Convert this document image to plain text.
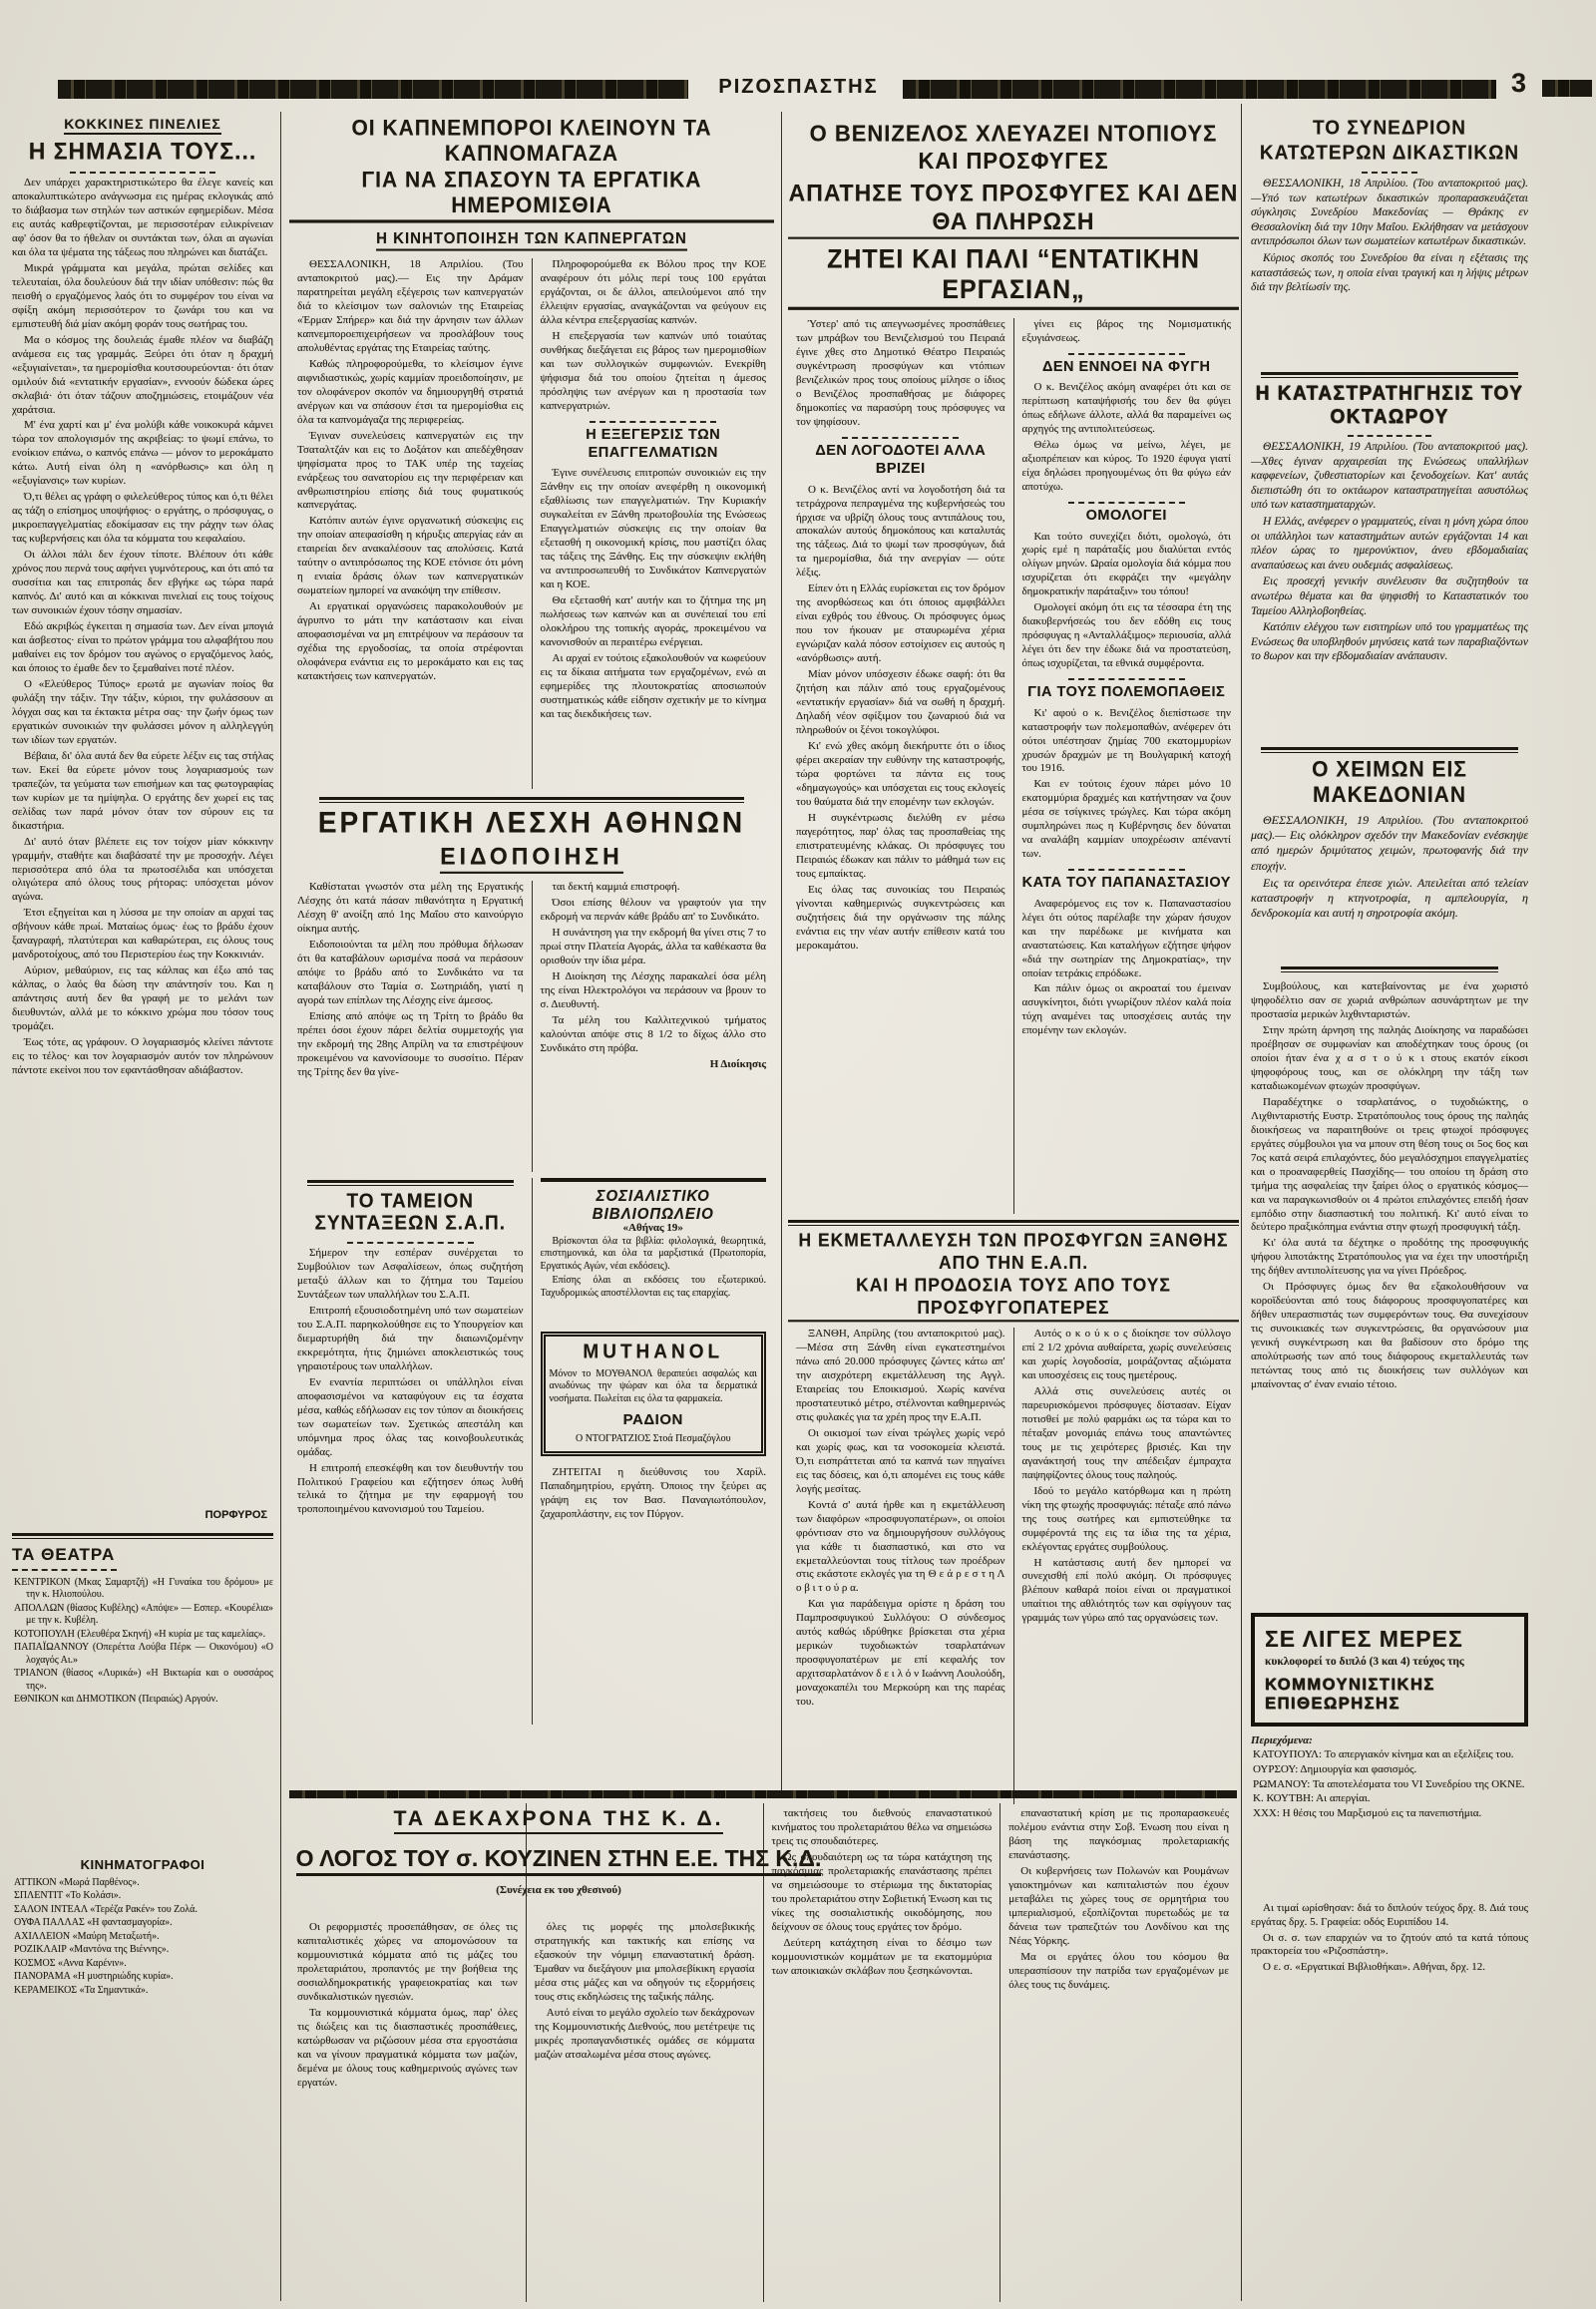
ΡΙΖΟΣΠΑΣΤΗΣ	3
ΚΟΚΚΙΝΕΣ ΠΙΝΕΛΙΕΣ
Η ΣΗΜΑΣΙΑ ΤΟΥΣ...

Δεν υπάρχει χαρακτηριστικώτερο θα έλεγε κανείς και αποκαλυπτικώτερο ανάγνωσμα εις ημέρας εκλογικάς από το διάβασμα των στηλών των αστικών εφημερίδων. Μέσα εις αυτάς καθρεφτίζονται, με περισσοτέραν ειλικρίνειαν αφ' όσον θα το ήθελαν οι συντάκται των, όλαι αι αγωνίαι και όλα τα ψέματα της τάξεως που πληρώνει και διατάζει.

Μικρά γράμματα και μεγάλα, πρώται σελίδες και τελευταίαι, όλα δουλεύουν διά την ιδίαν υπόθεσιν: πώς θα πεισθή ο εργαζόμενος λαός ότι το συμφέρον του είναι να σφίξη ακόμη περισσότερον το ζωνάρι του και να εμπιστευθή διά μίαν ακόμη φοράν τους σωτήρας του.

Μα ο κόσμος της δουλειάς έμαθε πλέον να διαβάζη ανάμεσα εις τας γραμμάς. Ξεύρει ότι όταν η δραχμή «εξυγιαίνεται», τα ημερομίσθια κουτσουρεύονται· ότι όταν ομιλούν διά «εντατικήν εργασίαν», εννοούν δώδεκα ώρες σκλαβιά· ότι όταν τάζουν αποζημιώσεις, ετοιμάζουν νέα χαράτσια.

Μ' ένα χαρτί και μ' ένα μολύβι κάθε νοικοκυρά κάμνει τώρα τον απολογισμόν της ακριβείας: το ψωμί επάνω, το ενοίκιον επάνω, ο καπνός επάνω — μόνον το μεροκάματο κάτω. Αυτή είναι όλη η «ανόρθωσις» και όλη η «εξυγίανσις» των κυρίων.

Ό,τι θέλει ας γράφη ο φιλελεύθερος τύπος και ό,τι θέλει ας τάζη ο επίσημος υποψήφιος· ο εργάτης, ο πρόσφυγας, ο μικροεπαγγελματίας εδοκίμασαν εις την ράχην των όλας τας κυβερνήσεις και όλα τα κόμματα του κεφαλαίου.

Οι άλλοι πάλι δεν έχουν τίποτε. Βλέπουν ότι κάθε χρόνος που περνά τους αφήνει γυμνότερους, και ότι από τα συσσίτια και τας επιτροπάς δεν εβγήκε ως τώρα παρά καπνός. Δι' αυτό και αι κόκκιναι πινελιαί εις τους τοίχους των συνοικιών έχουν τόσην σημασίαν.

Εδώ ακριβώς έγκειται η σημασία των. Δεν είναι μπογιά και άσβεστος· είναι το πρώτον γράμμα του αλφαβήτου που μαθαίνει εις τον δρόμον του αγώνος ο εργαζόμενος λαός, και όποιος το έμαθε δεν το ξεμαθαίνει ποτέ πλέον.

Ο «Ελεύθερος Τύπος» ερωτά με αγωνίαν ποίος θα φυλάξη την τάξιν. Την τάξιν, κύριοι, την φυλάσσουν αι λόγχαι σας και τα έκτακτα μέτρα σας· την ζωήν όμως των εργατικών συνοικιών την φυλάσσει μόνον η αλληλεγγύη των ιδίων των εργατών.

Βέβαια, δι' όλα αυτά δεν θα εύρετε λέξιν εις τας στήλας των. Εκεί θα εύρετε μόνον τους λογαριασμούς των τραπεζών, τα γεύματα των επισήμων και τας φωτογραφίας των κυρίων με τα ημίψηλα. Ο εργάτης δεν χωρεί εις τας σελίδας των παρά μόνον όταν τον σύρουν εις τα δικαστήρια.

Δι' αυτό όταν βλέπετε εις τον τοίχον μίαν κόκκινην γραμμήν, σταθήτε και διαβάσατέ την με προσοχήν. Λέγει περισσότερα από όλα τα πρωτοσέλιδα και υπόσχεται ολιγώτερα από όλους τους ρήτορας: υπόσχεται μόνον αγώνα.

Έτσι εξηγείται και η λύσσα με την οποίαν αι αρχαί τας σβήνουν κάθε πρωί. Ματαίως όμως· έως το βράδυ έχουν ξαναγραφή, πλατύτεραι και καθαρώτεραι, εις όλους τους μανδροτοίχους, από του Περιστερίου έως την Κοκκινιάν.

Αύριον, μεθαύριον, εις τας κάλπας και έξω από τας κάλπας, ο λαός θα δώση την απάντησίν του. Και η απάντησις αυτή δεν θα γραφή με το μελάνι των διευθυντών, αλλά με το κόκκινο χρώμα που τόσον τους τρομάζει.

Έως τότε, ας γράφουν. Ο λογαριασμός κλείνει πάντοτε εις το τέλος· και τον λογαριασμόν αυτόν τον πληρώνουν πάντοτε εκείνοι που τον εφαντάσθησαν αδιάβαστον.

ΠΟΡΦΥΡΟΣ

ΤΑ ΘΕΑΤΡΑ

ΚΕΝΤΡΙΚΟΝ (Μκας Σαμαρτζή) «Η Γυναίκα του δρόμου» με την κ. Ηλιοπούλου.

ΑΠΟΛΛΩΝ (θίασος Κυβέλης) «Απόψε» — Εσπερ. «Κουρέλια» με την κ. Κυβέλη.

ΚΟΤΟΠΟΥΛΗ (Ελευθέρα Σκηνή) «Η κυρία με τας καμελίας».

ΠΑΠΑΪΩΑΝΝΟΥ (Οπερέττα Λούβα Πέρκ — Οικονόμου) «Ο λοχαγός Αι.»

ΤΡΙΑΝΟΝ (θίασος «Λυρικά») «Η Βικτωρία και ο ουσσάρος της».

ΕΘΝΙΚΟΝ και ΔΗΜΟΤΙΚΟΝ (Πειραιώς) Αργούν.

ΚΙΝΗΜΑΤΟΓΡΑΦΟΙ

ΑΤΤΙΚΟΝ «Μωρά Παρθένος».

ΣΠΛΕΝΤΙΤ «Το Κολάσι».

ΣΑΛΟΝ ΙΝΤΕΑΛ «Τερέζα Ρακέν» του Ζολά.

ΟΥΦΑ ΠΑΛΛΑΣ «Η φαντασμαγορία».

ΑΧΙΛΛΕΙΟΝ «Μαύρη Μεταξωτή».

ΡΟΖΙΚΛΑΙΡ «Μαντόνα της Βιέννης».

ΚΟΣΜΟΣ «Αννα Καρένιν».

ΠΑΝΟΡΑΜΑ «Η μυστηριώδης κυρία».

ΚΕΡΑΜΕΙΚΟΣ «Τα Σημαντικά».

ΟΙ ΚΑΠΝΕΜΠΟΡΟΙ ΚΛΕΙΝΟΥΝ ΤΑ ΚΑΠΝΟΜΑΓΑΖΑ
ΓΙΑ ΝΑ ΣΠΑΣΟΥΝ ΤΑ ΕΡΓΑΤΙΚΑ ΗΜΕΡΟΜΙΣΘΙΑ
Η ΚΙΝΗΤΟΠΟΙΗΣΗ ΤΩΝ ΚΑΠΝΕΡΓΑΤΩΝ

ΘΕΣΣΑΛΟΝΙΚΗ, 18 Απριλίου. (Του ανταποκριτού μας).— Εις την Δράμαν παρατηρείται μεγάλη εξέγερσις των καπνεργατών διά το κλείσιμον των σαλονιών της Εταιρείας «Έρμαν Σπήρερ» και διά την άρνησιν των άλλων καπνεμποροεπιχειρήσεων να προσλάβουν τους απολυθέντας εργάτας της Εταιρείας ταύτης.

Καθώς πληροφορούμεθα, το κλείσιμον έγινε αιφνιδιαστικώς, χωρίς καμμίαν προειδοποίησιν, με τον ολοφάνερον σκοπόν να δημιουργηθή στρατιά ανέργων και να σπάσουν έτσι τα ημερομίσθια εις όλα τα καπνομάγαζα της περιφερείας.

Έγιναν συνελεύσεις καπνεργατών εις την Τσαταλτζάν και εις το Δοξάτον και απεδέχθησαν ψηφίσματα προς το ΤΑΚ υπέρ της ταχείας ενάρξεως του σανατορίου εις την περιφέρειαν και ανθρωπιστηρίου επίσης διά τους φυματικούς καπνεργάτας.

Κατόπιν αυτών έγινε οργανωτική σύσκεψις εις την οποίαν απεφασίσθη η κήρυξις απεργίας εάν αι εταιρείαι δεν ανακαλέσουν τας απολύσεις. Κατά ταύτην ο αντιπρόσωπος της ΚΟΕ ετόνισε ότι μόνη η ενιαία δράσις όλων των καπνεργατικών σωματείων ημπορεί να ανακόψη την επίθεσιν.

Αι εργατικαί οργανώσεις παρακολουθούν με άγρυπνο το μάτι την κατάστασιν και είναι αποφασισμέναι να μη επιτρέψουν να περάσουν τα σχέδια της εργοδοσίας, τα οποία στρέφονται ολοφάνερα ενάντια εις το μεροκάματο και εις τας κατακτήσεις των καπνεργατών.

Πληροφορούμεθα εκ Βόλου προς την ΚΟΕ αναφέρουν ότι μόλις περί τους 100 εργάται εργάζονται, οι δε άλλοι, απειλούμενοι από την έλλειψιν εργασίας, αναγκάζονται να φεύγουν εις άλλα κέντρα επεξεργασίας καπνών.

Η επεξεργασία των καπνών υπό τοιαύτας συνθήκας διεξάγεται εις βάρος των ημερομισθίων και των συλλογικών συμφωνιών. Ενεκρίθη ψήφισμα διά του οποίου ζητείται η άμεσος πρόσληψις των ανέργων και η προστασία των καπνεργατριών.

Η ΕΞΕΓΕΡΣΙΣ ΤΩΝ ΕΠΑΓΓΕΛΜΑΤΙΩΝ

Έγινε συνέλευσις επιτροπών συνοικιών εις την Ξάνθην εις την οποίαν ανεφέρθη η οικονομική εξαθλίωσις των επαγγελματιών. Την Κυριακήν συγκαλείται εν Ξάνθη πρωτοβουλία της Ενώσεως Επαγγελματιών σύσκεψις εις την οποίαν θα εξετασθή η οικονομική κρίσις, που μαστίζει όλας τας τάξεις της Ξάνθης. Εις την σύσκεψιν εκλήθη να αντιπροσωπευθή το Συνδικάτον Καπνεργατών και η ΚΟΕ.

Θα εξετασθή κατ' αυτήν και το ζήτημα της μη πωλήσεως των καπνών και αι συνέπειαί του επί ολοκλήρου της τοπικής αγοράς, προκειμένου να κανονισθούν αι περαιτέρω ενέργειαι.

Αι αρχαί εν τούτοις εξακολουθούν να κωφεύουν εις τα δίκαια αιτήματα των εργαζομένων, ενώ αι εφημερίδες της πλουτοκρατίας αποσιωπούν συστηματικώς κάθε είδησιν σχετικήν με το κίνημα και τας διεκδικήσεις των.

ΕΡΓΑΤΙΚΗ ΛΕΣΧΗ ΑΘΗΝΩΝ
ΕΙΔΟΠΟΙΗΣΗ

Καθίσταται γνωστόν στα μέλη της Εργατικής Λέσχης ότι κατά πάσαν πιθανότητα η Εργατική Λέσχη θ' ανοίξη από 1ης Μαΐου στο καινούργιο οίκημα αυτής.

Ειδοποιούνται τα μέλη που πρόθυμα δήλωσαν ότι θα καταβάλουν ωρισμένα ποσά να περάσουν απόψε το βράδυ από το Συνδικάτο να τα καταβάλουν στο Ταμία σ. Σωτηριάδη, γιατί η αγορά των επίπλων της Λέσχης είνε άμεσος.

Επίσης από απόψε ως τη Τρίτη το βράδυ θα πρέπει όσοι έχουν πάρει δελτία συμμετοχής για την εκδρομή της 28ης Απρίλη να τα επιστρέψουν προκειμένου να κανονίσουμε το συσσίτιο. Πέραν της Τρίτης δεν θα γίνε-

ται δεκτή καμμιά επιστροφή.

Όσοι επίσης θέλουν να γραφτούν για την εκδρομή να περνάν κάθε βράδυ απ' το Συνδικάτο.

Η συνάντηση για την εκδρομή θα γίνει στις 7 το πρωί στην Πλατεία Αγοράς, άλλα τα καθέκαστα θα ορισθούν την ίδια μέρα.

Η Διοίκηση της Λέσχης παρακαλεί όσα μέλη της είναι Ηλεκτρολόγοι να περάσουν να βρουν το σ. Διευθυντή.

Τα μέλη του Καλλιτεχνικού τμήματος καλούνται απόψε στις 8 1/2 το δίχως άλλο στο Συνδικάτο στη πρόβα.

Η Διοίκησις

ΤΟ ΤΑΜΕΙΟΝ
ΣΥΝΤΑΞΕΩΝ Σ.Α.Π.

Σήμερον την εσπέραν συνέρχεται το Συμβούλιον των Ασφαλίσεων, όπως συζητήση μεταξύ άλλων και το ζήτημα του Ταμείου Συντάξεων των υπαλλήλων του Σ.Α.Π.

Επιτροπή εξουσιοδοτημένη υπό των σωματείων του Σ.Α.Π. παρηκολούθησε εις το Υπουργείον και διεμαρτυρήθη διά την διαιωνιζομένην εκκρεμότητα, ήτις ζημιώνει αποκλειστικώς τους γηραιοτέρους των υπαλλήλων.

Εν εναντία περιπτώσει οι υπάλληλοι είναι αποφασισμένοι να καταφύγουν εις τα έσχατα μέσα, καθώς εδήλωσαν εις τον τύπον αι διοικήσεις των σωματείων των. Σχετικώς απεστάλη και υπόμνημα προς όλας τας κοινοβουλευτικάς ομάδας.

Η επιτροπή επεσκέφθη και τον διευθυντήν του Πολιτικού Γραφείου και εζήτησεν όπως λυθή τελικά το ζήτημα με την εφαρμογή του τροποποιημένου κανονισμού του Ταμείου.

ΣΟΣΙΑΛΙΣΤΙΚΟ ΒΙΒΛΙΟΠΩΛΕΙΟ
«Αθήνας 19»

Βρίσκονται όλα τα βιβλία: φιλολογικά, θεωρητικά, επιστημονικά, και όλα τα μαρξιστικά (Πρωτοπορία, Εργατικός Αγών, νέαι εκδόσεις).

Επίσης όλαι αι εκδόσεις του εξωτερικού. Ταχυδρομικώς αποστέλλονται εις τας επαρχίας.

MUTHANOL
Μόνον το ΜΟΥΘΑΝΟΛ θεραπεύει ασφαλώς και ανωδύνως την ψώραν και όλα τα δερματικά νοσήματα. Πωλείται εις όλα τα φαρμακεία.
ΡΑΔΙΟΝ
Ο ΝΤΟΓΡΑΤΖΙΟΣ Στοά Πεσμαζόγλου

ΖΗΤΕΙΤΑΙ η διεύθυνσις του Χαρίλ. Παπαδημητρίου, εργάτη. Όποιος την ξεύρει ας γράψη εις τον Βασ. Παναγιωτόπουλον, ζαχαροπλάστην, εις τον Πύργον.

Ο ΒΕΝΙΖΕΛΟΣ ΧΛΕΥΑΖΕΙ ΝΤΟΠΙΟΥΣ ΚΑΙ ΠΡΟΣΦΥΓΕΣ
ΑΠΑΤΗΣΕ ΤΟΥΣ ΠΡΟΣΦΥΓΕΣ ΚΑΙ ΔΕΝ ΘΑ ΠΛΗΡΩΣΗ
ΖΗΤΕΙ ΚΑΙ ΠΑΛΙ “ΕΝΤΑΤΙΚΗΝ ΕΡΓΑΣΙΑΝ„

Ύστερ' από τις απεγνωσμένες προσπάθειες των μπράβων του Βενιζελισμού του Πειραιά έγινε χθες στο Δημοτικό Θέατρο Πειραιώς συγκέντρωση προσφύγων και ντόπιων βενιζελικών προς τους οποίους μίλησε ο ίδιος ο Βενιζέλος προσπαθήσας με διάφορες δημοκοπίες να παρασύρη τους πρόσφυγες να τον ψηφίσουν.

ΔΕΝ ΛΟΓΟΔΟΤΕΙ ΑΛΛΑ ΒΡΙΖΕΙ

Ο κ. Βενιζέλος αντί να λογοδοτήση διά τα τετράχρονα πεπραγμένα της κυβερνήσεώς του ήρχισε να υβρίζη όλους τους αντιπάλους του, αποκαλών αυτούς δημοκόπους και καταλυτάς της τάξεως. Διά το ψωμί των προσφύγων, διά τα ημερομίσθια, διά την ανεργίαν — ούτε λέξις.

Είπεν ότι η Ελλάς ευρίσκεται εις τον δρόμον της ανορθώσεως και ότι όποιος αμφιβάλλει είναι εχθρός του έθνους. Οι πρόσφυγες όμως που τον ήκουαν με σταυρωμένα χέρια εγνώριζαν καλά πόσον εστοίχισεν εις αυτούς η «ανόρθωσις» αυτή.

Μίαν μόνον υπόσχεσιν έδωκε σαφή: ότι θα ζητήση και πάλιν από τους εργαζομένους «εντατικήν εργασίαν» διά να σωθή η δραχμή. Δηλαδή νέον σφίξιμον του ζωναριού διά να πληρωθούν οι ξένοι τοκογλύφοι.

Κι' ενώ χθες ακόμη διεκήρυττε ότι ο ίδιος φέρει ακεραίαν την ευθύνην της καταστροφής, τώρα φορτώνει τα πάντα εις τους «δημαγωγούς» και υπόσχεται εις τους εκλογείς του θαύματα διά την επομένην των εκλογών.

Η συγκέντρωσις διελύθη εν μέσω παγερότητος, παρ' όλας τας προσπαθείας της επιστρατευμένης κλάκας. Οι πρόσφυγες του Πειραιώς έδωκαν και πάλιν το μάθημά των εις τους εμπαίκτας.

Εις όλας τας συνοικίας του Πειραιώς γίνονται καθημερινώς συγκεντρώσεις και συζητήσεις διά την οργάνωσιν της πάλης ενάντια εις την νέαν αυτήν επίθεσιν κατά του μεροκαμάτου.

γίνει εις βάρος της Νομισματικής εξυγιάνσεως.

ΔΕΝ ΕΝΝΟΕΙ ΝΑ ΦΥΓΗ

Ο κ. Βενιζέλος ακόμη αναφέρει ότι και σε περίπτωση καταψήφισής του δεν θα φύγει όπως εδήλωνε άλλοτε, αλλά θα παραμείνει ως αρχηγός της αντιπολιτεύσεως.

Θέλω όμως να μείνω, λέγει, με αξιοπρέπειαν και κύρος. Το 1920 έφυγα γιατί είχα δηλώσει προηγουμένως ότι θα φύγω εάν αποτύχω.

ΟΜΟΛΟΓΕΙ

Και τούτο συνεχίζει διότι, ομολογώ, ότι χωρίς εμέ η παράταξίς μου διαλύεται εντός ολίγων μηνών. Ωραία ομολογία διά κόμμα που ισχυρίζεται ότι εκφράζει την «μεγάλην δημοκρατικήν παράταξιν» του τόπου!

Ομολογεί ακόμη ότι εις τα τέσσαρα έτη της διακυβερνήσεώς του δεν εδόθη εις τους πρόσφυγας η «Ανταλλάξιμος» περιουσία, αλλά λέγει ότι δεν την έδωκε διά να προστατεύση, όπως ισχυρίζεται, τα εθνικά συμφέροντα.

ΓΙΑ ΤΟΥΣ ΠΟΛΕΜΟΠΑΘΕΙΣ

Κι' αφού ο κ. Βενιζέλος διεπίστωσε την καταστροφήν των πολεμοπαθών, ανέφερεν ότι ούτοι υπέστησαν ζημίας 700 εκατομμυρίων χρυσών δραχμών με τη Βουλγαρική κατοχή του 1916.

Και εν τούτοις έχουν πάρει μόνο 10 εκατομμύρια δραχμές και κατήντησαν να ζουν μέσα σε τσίγκινες τρώγλες. Και τώρα ακόμη συμπληρώνει πως η Κυβέρνησις δεν δύναται να αναλάβη καμμίαν υποχρέωσιν απέναντί των.

ΚΑΤΑ ΤΟΥ ΠΑΠΑΝΑΣΤΑΣΙΟΥ

Αναφερόμενος εις τον κ. Παπαναστασίου λέγει ότι ούτος παρέλαβε την χώραν ήσυχον και την παρέδωκε με κινήματα και αναστατώσεις. Και καταλήγων εζήτησε ψήφον «διά την σωτηρίαν της Δημοκρατίας», την οποίαν τετράκις επρόδωκε.

Και πάλιν όμως οι ακροαταί του έμειναν ασυγκίνητοι, διότι γνωρίζουν πλέον καλά ποία τύχη αναμένει τας υποσχέσεις αυτάς την επομένην των εκλογών.

Η ΕΚΜΕΤΑΛΛΕΥΣΗ ΤΩΝ ΠΡΟΣΦΥΓΩΝ ΞΑΝΘΗΣ ΑΠΟ ΤΗΝ Ε.Α.Π.
ΚΑΙ Η ΠΡΟΔΟΣΙΑ ΤΟΥΣ ΑΠΟ ΤΟΥΣ ΠΡΟΣΦΥΓΟΠΑΤΕΡΕΣ

ΞΑΝΘΗ, Απρίλης (του ανταποκριτού μας).—Μέσα στη Ξάνθη είναι εγκατεστημένοι πάνω από 20.000 πρόσφυγες ζώντες κάτω απ' την αισχρότερη εκμετάλλευση της Αγγλ. Εταιρείας του Εποικισμού. Χωρίς κανένα προστατευτικό μέτρο, στέλνονται καθημερινώς στις φυλακές για τα χρέη προς την Ε.Α.Π.

Οι οικισμοί των είναι τρώγλες χωρίς νερό και χωρίς φως, και τα νοσοκομεία κλειστά. Ό,τι εισπράττεται από τα καπνά των πηγαίνει εις τας δόσεις, και ό,τι απομένει εις τους κάθε λογής μεσίτας.

Κοντά σ' αυτά ήρθε και η εκμετάλλευση των διαφόρων «προσφυγοπατέρων», οι οποίοι φρόντισαν στο να δημιουργήσουν συλλόγους για κάθε τι διασπαστικό, και στο να εκμεταλλεύονται τους τίτλους των προέδρων στις εκάστοτε εκλογές για τη Θ ε ά ρ ε σ τ η Λ ο β ι τ ο ύ ρ α.

Και για παράδειγμα ορίστε η δράση του Παμπροσφυγικού Συλλόγου: Ο σύνδεσμος αυτός καθώς ιδρύθηκε βρίσκεται στα χέρια μερικών τυχοδιωκτών τσαρλατάνων προσφυγοπατέρων με επί κεφαλής τον αρχιτσαρλατάνον δ ε ι λ ό ν Ιωάννη Λουλούδη, μοναχοκαπέλι του Μερκούρη και της παρέας του.

Αυτός ο κ ο ύ κ ο ς διοίκησε τον σύλλογο επί 2 1/2 χρόνια αυθαίρετα, χωρίς συνελεύσεις και χωρίς λογοδοσία, μοιράζοντας αξιώματα και υποσχέσεις εις τους ημετέρους.

Αλλά στις συνελεύσεις αυτές οι παρευρισκόμενοι πρόσφυγες δίστασαν. Είχαν ποτισθεί με πολύ φαρμάκι ως τα τώρα και το πέταξαν μονομιάς επάνω τους απαντώντες τους με τις χειρότερες βρισιές. Και την αγανάκτησή τους την απέδειξαν έμπραχτα παψηφίζοντες όλους τους παληούς.

Ιδού το μεγάλο κατόρθωμα και η πρώτη νίκη της φτωχής προσφυγιάς: πέταξε από πάνω της τους σωτήρες και εμπιστεύθηκε τα συμφέροντά της εις τα ίδια της τα χέρια, εκλέγοντας εργάτες συμβούλους.

Η κατάστασις αυτή δεν ημπορεί να συνεχισθή επί πολύ ακόμη. Οι πρόσφυγες βλέπουν καθαρά ποίοι είναι οι πραγματικοί υπαίτιοι της αθλιότητός των και σφίγγουν τας γραμμάς των γύρω από τας οργανώσεις των.

ΤΑ ΔΕΚΑΧΡΟΝΑ ΤΗΣ Κ. Δ.
Ο ΛΟΓΟΣ ΤΟΥ σ. ΚΟΥΖΙΝΕΝ ΣΤΗΝ Ε.Ε. ΤΗΣ Κ.Δ.
(Συνέχεια εκ του χθεσινού)

Οι ρεφορμιστές προσεπάθησαν, σε όλες τις καπιταλιστικές χώρες να απομονώσουν τα κομμουνιστικά κόμματα από τις μάζες του προλεταριάτου, προπαντός με την βοήθεια της σοσιαλδημοκρατικής γραφειοκρατίας και των συνδικαλιστικών ηγεσιών.

Τα κομμουνιστικά κόμματα όμως, παρ' όλες τις διώξεις και τις διασπαστικές προσπάθειες, κατώρθωσαν να ριζώσουν μέσα στα εργοστάσια και να γίνουν πραγματικά κόμματα των μαζών, δεμένα με όλους τους καθημερινούς αγώνες των εργατών.

όλες τις μορφές της μπολσεβικικής στρατηγικής και τακτικής και επίσης να εξασκούν την νόμιμη επαναστατική δράση. Έμαθαν να διεξάγουν μια μπολσεβίκικη εργασία μέσα στις μάζες και να οδηγούν τις εξορμήσεις τους στις εκδηλώσεις της ταξικής πάλης.

Αυτό είναι το μεγάλο σχολείο των δεκάχρονων της Κομμουνιστικής Διεθνούς, που μετέτρεψε τις μικρές προπαγανδιστικές ομάδες σε κόμματα μαζών ατσαλωμένα μέσα στους αγώνες.

τακτήσεις του διεθνούς επαναστατικού κινήματος του προλεταριάτου θέλω να σημειώσω τρεις τις σπουδαιότερες.

Ως σπουδαιότερη ως τα τώρα κατάχτηση της παγκόσμιας προλεταριακής επανάστασης πρέπει να σημειώσουμε το στέριωμα της δικτατορίας του προλεταριάτου στην Σοβιετική Ένωση και τις νίκες της σοσιαλιστικής οικοδόμησης, που δείχνουν σε όλους τους εργάτες τον δρόμο.

Δεύτερη κατάχτηση είναι το δέσιμο των κομμουνιστικών κομμάτων με τα εκατομμύρια των αποικιακών σκλάβων που ξεσηκώνονται.

επαναστατική κρίση με τις προπαρασκευές πολέμου ενάντια στην Σοβ. Ένωση που είναι η βάση της παγκόσμιας προλεταριακής επανάστασης.

Οι κυβερνήσεις των Πολωνών και Ρουμάνων γαιοκτημόνων και καπιταλιστών που έχουν μεταβάλει τις χώρες τους σε ορμητήρια του ιμπεριαλισμού, εξοπλίζονται πυρετωδώς με τα δάνεια των τραπεζιτών του Λονδίνου και της Νέας Υόρκης.

Μα οι εργάτες όλου του κόσμου θα υπερασπίσουν την πατρίδα των εργαζομένων με όλες τους τις δυνάμεις.

ΤΟ ΣΥΝΕΔΡΙΟΝ
ΚΑΤΩΤΕΡΩΝ ΔΙΚΑΣΤΙΚΩΝ

ΘΕΣΣΑΛΟΝΙΚΗ, 18 Απριλίου. (Του ανταποκριτού μας).—Υπό των κατωτέρων δικαστικών προπαρασκευάζεται σύγκλησις Συνεδρίου Μακεδονίας — Θράκης εν Θεσσαλονίκη διά την 10ην Μαΐου. Εκλήθησαν να μετάσχουν αντιπρόσωποι όλων των σωματείων κατωτέρων δικαστικών.

Κύριος σκοπός του Συνεδρίου θα είναι η εξέτασις της καταστάσεώς των, η οποία είναι τραγική και η λήψις μέτρων διά την βελτίωσίν της.

Η ΚΑΤΑΣΤΡΑΤΗΓΗΣΙΣ ΤΟΥ ΟΚΤΑΩΡΟΥ

ΘΕΣΣΑΛΟΝΙΚΗ, 19 Απριλίου. (Του ανταποκριτού μας).—Χθες έγιναν αρχαιρεσίαι της Ενώσεως υπαλλήλων καφφενείων, ζυθεστιατορίων και ξενοδοχείων. Κατ' αυτάς διεπιστώθη ότι το οκτάωρον καταστρατηγείται ασυστόλως υπό των καταστηματαρχών.

Η Ελλάς, ανέφερεν ο γραμματεύς, είναι η μόνη χώρα όπου οι υπάλληλοι των καταστημάτων αυτών εργάζονται 14 και πλέον ώρας το ημερονύκτιον, άνευ εβδομαδιαίας αναπαύσεως και άνευ ουδεμιάς ασφαλίσεως.

Εις προσεχή γενικήν συνέλευσιν θα συζητηθούν τα ανωτέρω θέματα και θα ψηφισθή το Καταστατικόν του Ταμείου Αλληλοβοηθείας.

Κατόπιν ελέγχου των εισιτηρίων υπό του γραμματέως της Ενώσεως θα υποβληθούν μηνύσεις κατά των παραβιαζόντων το 8ωρον και την εβδομαδιαίαν ανάπαυσιν.

Ο ΧΕΙΜΩΝ ΕΙΣ ΜΑΚΕΔΟΝΙΑΝ

ΘΕΣΣΑΛΟΝΙΚΗ, 19 Απριλίου. (Του ανταποκριτού μας).— Εις ολόκληρον σχεδόν την Μακεδονίαν ενέσκηψε από ημερών δριμύτατος χειμών, πρωτοφανής διά την εποχήν.

Εις τα ορεινότερα έπεσε χιών. Απειλείται από τελείαν καταστροφήν η κτηνοτροφία, η αμπελουργία, η δενδροκομία και αυτή η σηροτροφία ακόμη.

Συμβούλους, και κατεβαίνοντας με ένα χωριστό ψηφοδέλτιο σαν σε χωριά ανθρώπων ασυνάρτητων με την προστασία μερικών λιχθινταριστών.

Στην πρώτη άρνηση της παληάς Διοίκησης να παραδώσει προέβησαν σε συμφωνίαν και αποδέχτηκαν τους όρους (οι οποίοι ήταν ένα χ α σ τ ο ύ κ ι στους εκατόν είκοσι ψηφοφόρους τους, και σε ολόκληρη την τάξη των καταδιωκομένων φτωχών προσφύγων.

Παραδέχτηκε ο τσαρλατάνος, ο τυχοδιώκτης, ο Λιχθινταριστής Ευστρ. Στρατόπουλος τους όρους της παληάς διοικήσεως να παραιτηθούνε οι τρεις φτωχοί πρόσφυγες εργάτες σύμβουλοι για να μπουν στη θέση τους οι 5ος 6ος και 7ος κατά σειρά επιλαχόντες, δύο μεγαλόσχημοι επαγγελματίες και ο προαναφερθείς Πασχίδης— του οποίου τη δράση στο τμήμα της ασφαλείας την ξαίρει όλος ο εργατικός κόσμος—και να παραγκωνισθούν οι 4 πρώτοι επιλαχόντες επειδή ήσαν εμπόδιο στην διασπαστική του πολιτική. Κι' αυτό είναι το δεύτερο πραξικόπημα ενάντια στην φτωχή προσφυγική τάξη.

Κι' όλα αυτά τα δέχτηκε ο προδότης της προσφυγικής ψήφου λιποτάκτης Στρατόπουλος για να έχει την υποστήριξη της δήθεν αντιπολίτευσης για να γίνει Πρόεδρος.

Οι Πρόσφυγες όμως δεν θα εξακολουθήσουν να κοροϊδεύονται από τους διάφορους προσφυγοπατέρες και δήθεν υπερασπιστάς των συμφερόντων τους. Θα συνεχίσουν τις συνοικιακές των συγκεντρώσεις, θα οργανώσουν μια γενική συγκέντρωση και θα βαδίσουν στο δρόμο της απολύτρωσής των από τους διάφορους εκμεταλλευτάς των πετώντας τους από τις διοικήσεις των συλλόγων και μπαίνοντας σ' έναν ενιαίο τέτοιο.

ΣΕ ΛΙΓΕΣ ΜΕΡΕΣ
κυκλοφορεί το διπλό (3 και 4) τεύχος της
ΚΟΜΜΟΥΝΙΣΤΙΚΗΣ ΕΠΙΘΕΩΡΗΣΗΣ

Περιεχόμενα:

ΚΑΤΟΥΠΟΥΛ: Το απεργιακόν κίνημα και αι εξελίξεις του.

ΟΥΡΣΟΥ: Δημιουργία και φασισμός.

ΡΩΜΑΝΟΥ: Τα αποτελέσματα του VI Συνεδρίου της ΟΚΝΕ.

Κ. ΚΟΥΤΒΗ: Αι απεργίαι.

ΧΧΧ: Η θέσις του Μαρξισμού εις τα πανεπιστήμια.

Αι τιμαί ωρίσθησαν: διά το διπλούν τεύχος δρχ. 8. Διά τους εργάτας δρχ. 5. Γραφεία: οδός Ευριπίδου 14.

Οι σ. σ. των επαρχιών να το ζητούν από τα κατά τόπους πρακτορεία του «Ριζοσπάστη».

Ο ε. σ. «Εργατικαί Βιβλιοθήκαι». Αθήναι, δρχ. 12.
